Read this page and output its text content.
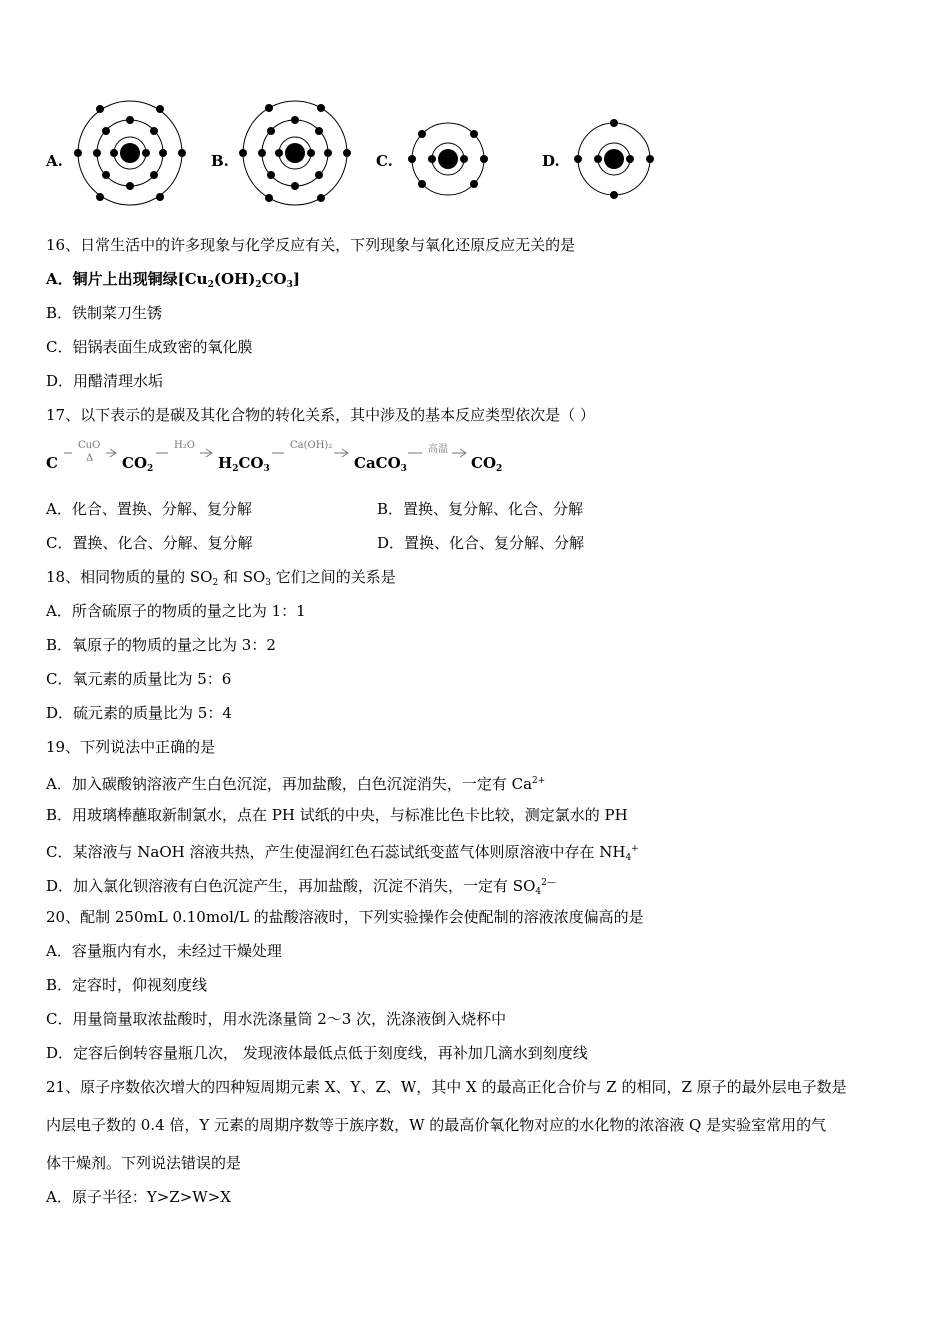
A.	B.	C.	D.
16、日常生活中的许多现象与化学反应有关，下列现象与氧化还原反应无关的是
A．铜片上出现铜绿$[Cu_2(OH)_2CO_3]$
B．铁制菜刀生锈
C．铝锅表面生成致密的氧化膜
D．用醋清理水垢
17、以下表示的是碳及其化合物的转化关系，其中涉及的基本反应类型依次是（ ）
C
CuO
Δ $CO_2$
H₂O
$H_2CO_3$
Ca(OH)₂
CaCO$_3$
高温
$CO_2$
A．化合、置换、分解、复分解	B．置换、复分解、化合、分解
C．置换、化合、分解、复分解	D．置换、化合、复分解、分解
18、相同物质的量的 $SO_2$ 和 $SO_3$ 它们之间的关系是
A．所含硫原子的物质的量之比为 1：1
B．氧原子的物质的量之比为 3：2
C．氧元素的质量比为 5：6
D．硫元素的质量比为 5：4
19、下列说法中正确的是
A．加入碳酸钠溶液产生白色沉淀，再加盐酸，白色沉淀消失，一定有 $Ca^{2+}$
B．用玻璃棒蘸取新制氯水，点在 PH 试纸的中央，与标准比色卡比较，测定氯水的 PH
C．某溶液与 NaOH 溶液共热，产生使湿润红色石蕊试纸变蓝气体则原溶液中存在 $NH_4^+$
D．加入氯化钡溶液有白色沉淀产生，再加盐酸，沉淀不消失，一定有 $SO_4^{2—}$
20、配制 250mL 0.10mol/L 的盐酸溶液时，下列实验操作会使配制的溶液浓度偏高的是
A．容量瓶内有水，未经过干燥处理
B．定容时，仰视刻度线
C．用量筒量取浓盐酸时，用水洗涤量筒 2～3 次，洗涤液倒入烧杯中
D．定容后倒转容量瓶几次， 发现液体最低点低于刻度线，再补加几滴水到刻度线
21、原子序数依次增大的四种短周期元素 X、Y、Z、W，其中 X 的最高正化合价与 Z 的相同，Z 原子的最外层电子数是
内层电子数的 0.4 倍，Y 元素的周期序数等于族序数，W 的最高价氧化物对应的水化物的浓溶液 Q 是实验室常用的气
体干燥剂。下列说法错误的是
A．原子半径：Y>Z>W>X
